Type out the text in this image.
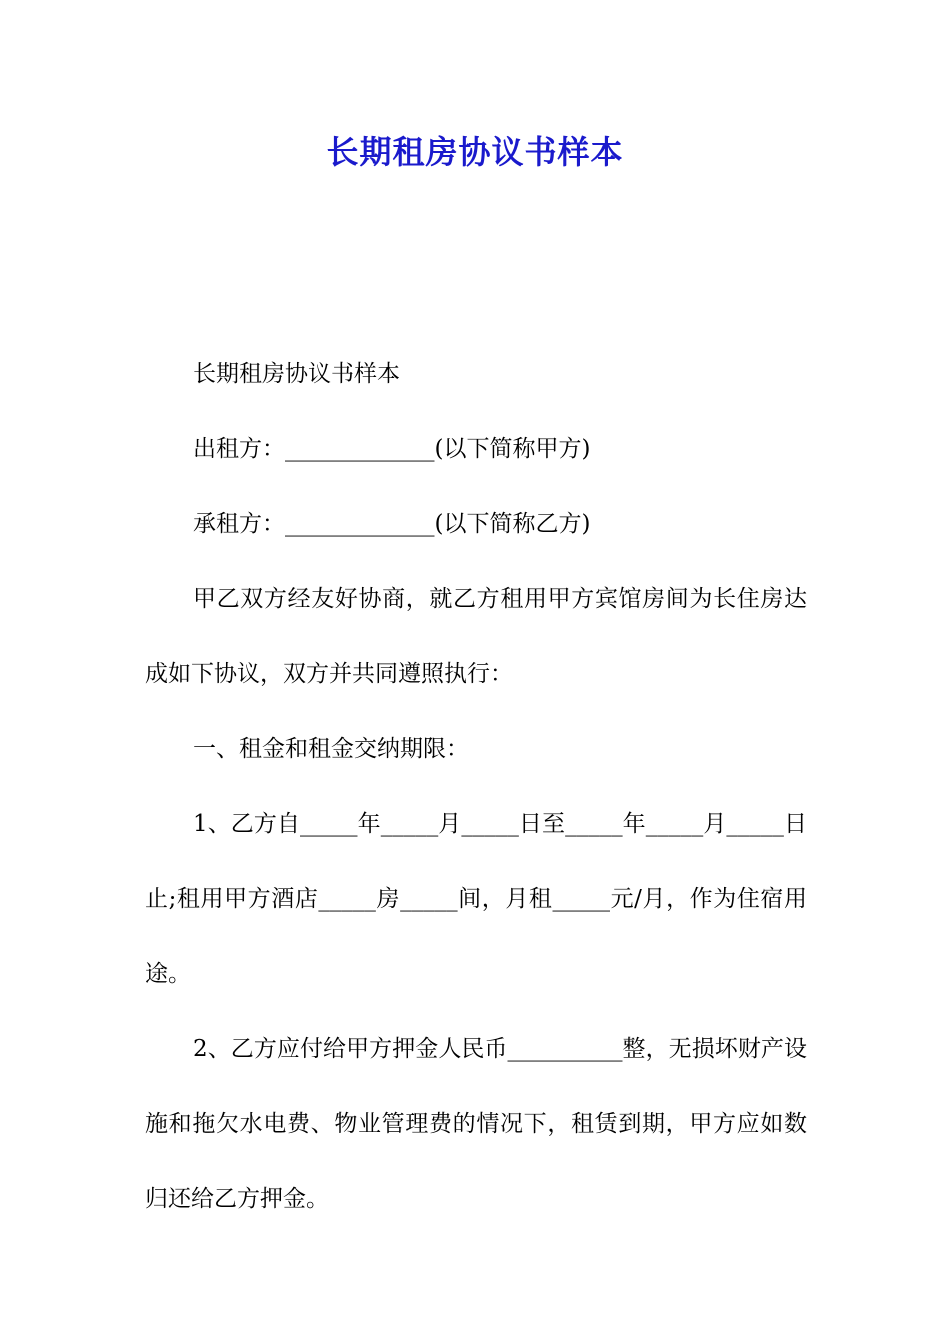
长期租房协议书样本

长期租房协议书样本

出租方：_____________(以下简称甲方)

承租方：_____________(以下简称乙方)

甲乙双方经友好协商，就乙方租用甲方宾馆房间为长住房达成如下协议，双方并共同遵照执行：

一、租金和租金交纳期限：

1、乙方自_____年_____月_____日至_____年_____月_____日止;租用甲方酒店_____房_____间，月租_____元/月，作为住宿用途。

2、乙方应付给甲方押金人民币__________整，无损坏财产设施和拖欠水电费、物业管理费的情况下，租赁到期，甲方应如数归还给乙方押金。
